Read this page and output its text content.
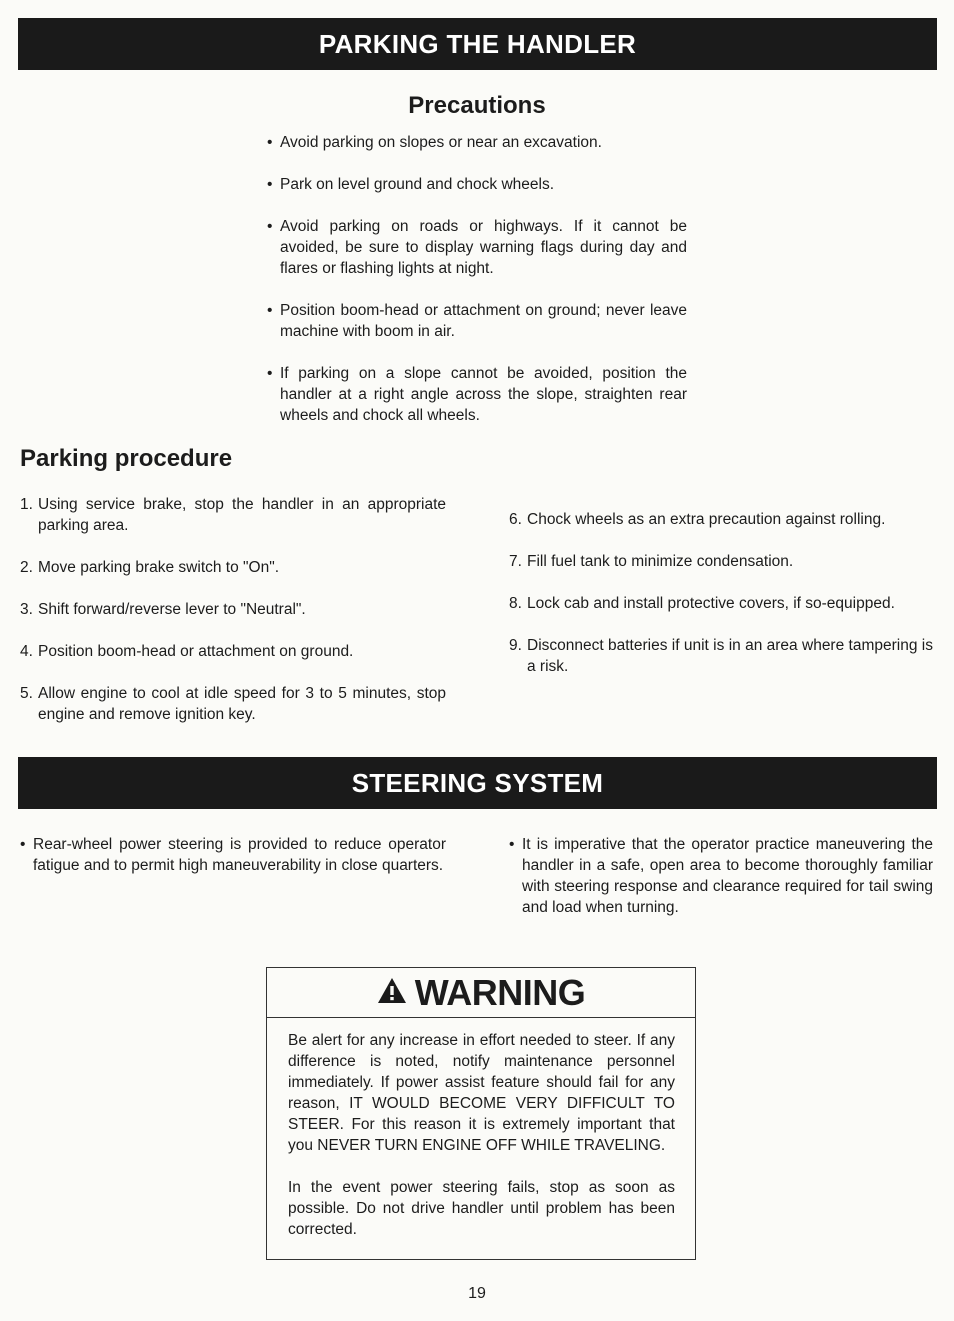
PARKING THE HANDLER
Precautions
• Avoid parking on slopes or near an excavation.
• Park on level ground and chock wheels.
• Avoid parking on roads or highways. If it cannot be avoided, be sure to display warning flags during day and flares or flashing lights at night.
• Position boom-head or attachment on ground; never leave machine with boom in air.
• If parking on a slope cannot be avoided, position the handler at a right angle across the slope, straighten rear wheels and chock all wheels.
Parking procedure
1. Using service brake, stop the handler in an appropriate parking area.
2. Move parking brake switch to "On".
3. Shift forward/reverse lever to "Neutral".
4. Position boom-head or attachment on ground.
5. Allow engine to cool at idle speed for 3 to 5 minutes, stop engine and remove ignition key.
6. Chock wheels as an extra precaution against rolling.
7. Fill fuel tank to minimize condensation.
8. Lock cab and install protective covers, if so-equipped.
9. Disconnect batteries if unit is in an area where tampering is a risk.
STEERING SYSTEM
• Rear-wheel power steering is provided to reduce operator fatigue and to permit high maneuverability in close quarters.
• It is imperative that the operator practice maneuvering the handler in a safe, open area to become thoroughly familiar with steering response and clearance required for tail swing and load when turning.
WARNING

Be alert for any increase in effort needed to steer. If any difference is noted, notify maintenance personnel immediately. If power assist feature should fail for any reason, IT WOULD BECOME VERY DIFFICULT TO STEER. For this reason it is extremely important that you NEVER TURN ENGINE OFF WHILE TRAVELING.

In the event power steering fails, stop as soon as possible. Do not drive handler until problem has been corrected.

19
